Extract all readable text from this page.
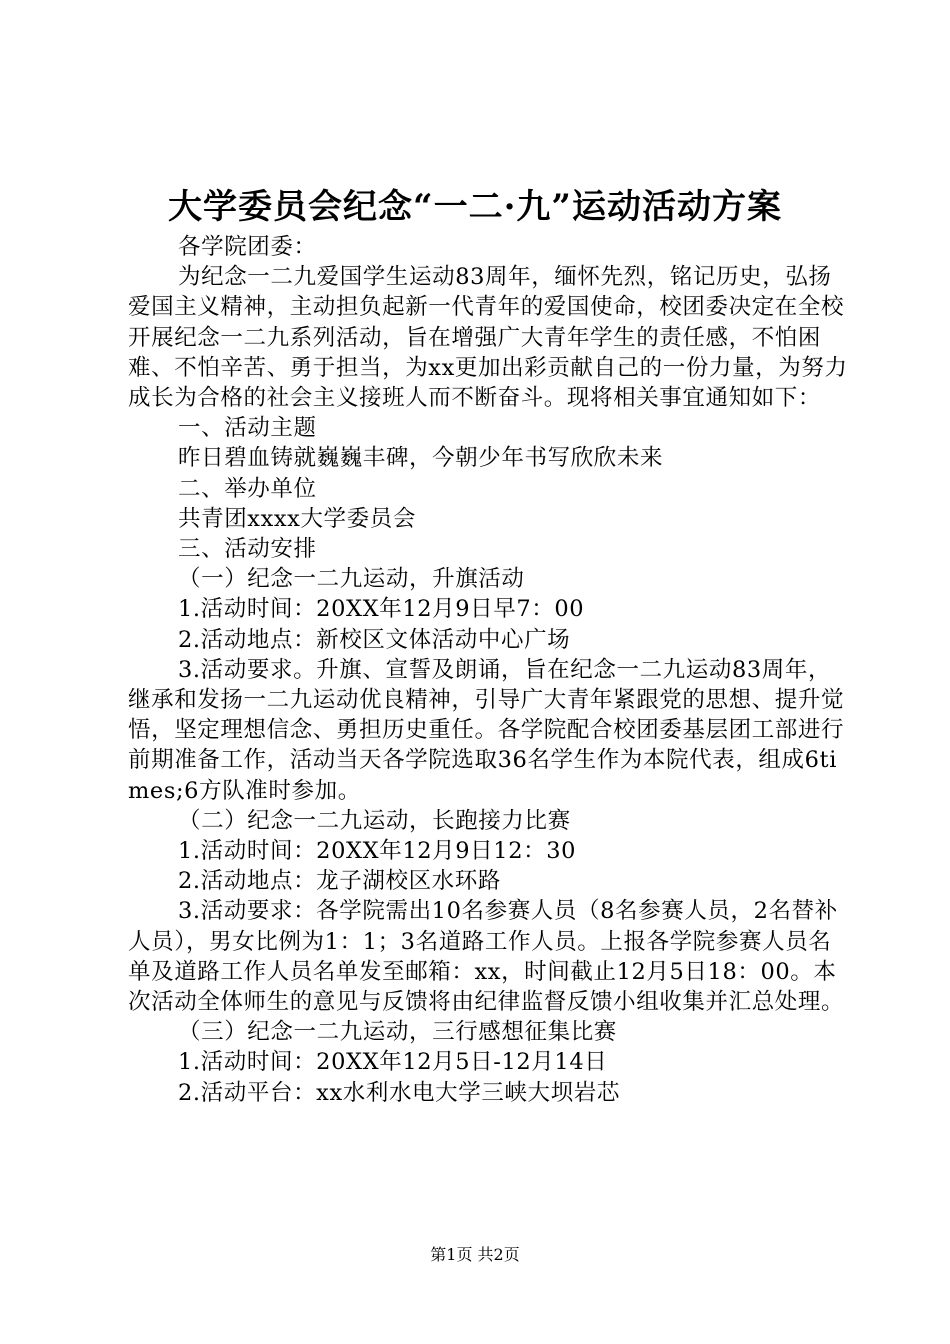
大学委员会纪念“一二·九”运动活动方案

各学院团委：

为纪念一二九爱国学生运动83周年，缅怀先烈，铭记历史，弘扬爱国主义精神，主动担负起新一代青年的爱国使命，校团委决定在全校开展纪念一二九系列活动，旨在增强广大青年学生的责任感，不怕困难、不怕辛苦、勇于担当，为xx更加出彩贡献自己的一份力量，为努力成长为合格的社会主义接班人而不断奋斗。现将相关事宜通知如下：

一、活动主题

昨日碧血铸就巍巍丰碑，今朝少年书写欣欣未来

二、举办单位

共青团xxxx大学委员会

三、活动安排

（一）纪念一二九运动，升旗活动

1.活动时间：20XX年12月9日早7：00

2.活动地点：新校区文体活动中心广场

3.活动要求。升旗、宣誓及朗诵，旨在纪念一二九运动83周年，继承和发扬一二九运动优良精神，引导广大青年紧跟党的思想、提升觉悟，坚定理想信念、勇担历史重任。各学院配合校团委基层团工部进行前期准备工作，活动当天各学院选取36名学生作为本院代表，组成6times;6方队准时参加。

（二）纪念一二九运动，长跑接力比赛

1.活动时间：20XX年12月9日12：30

2.活动地点：龙子湖校区水环路

3.活动要求：各学院需出10名参赛人员（8名参赛人员，2名替补人员），男女比例为1：1；3名道路工作人员。上报各学院参赛人员名单及道路工作人员名单发至邮箱：xx，时间截止12月5日18：00。本次活动全体师生的意见与反馈将由纪律监督反馈小组收集并汇总处理。

（三）纪念一二九运动，三行感想征集比赛

1.活动时间：20XX年12月5日-12月14日

2.活动平台：xx水利水电大学三峡大坝岩芯

第1页 共2页
